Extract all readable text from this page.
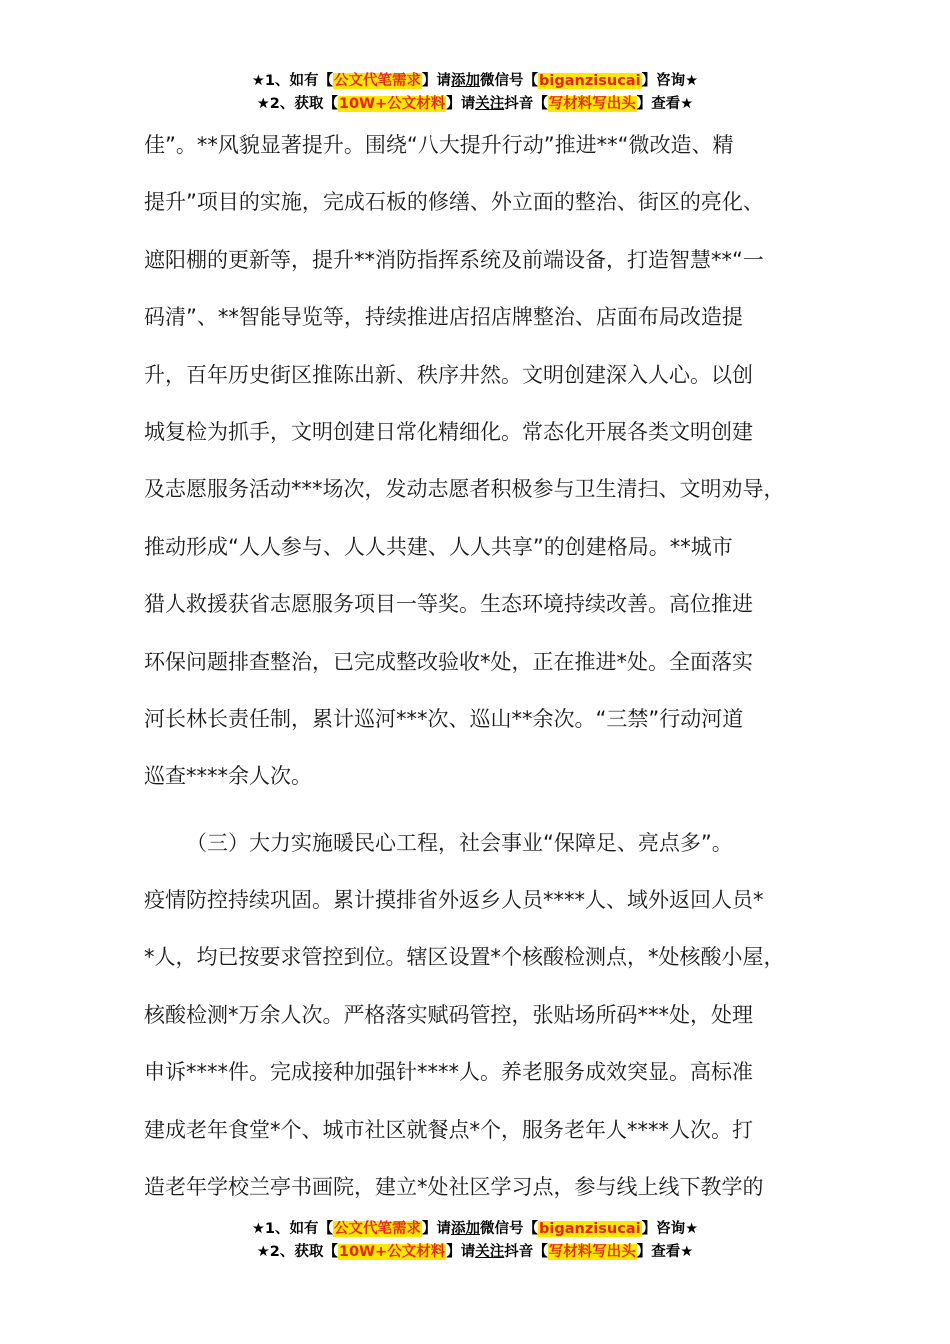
★1、如有【公文代笔需求】请添加微信号【biganzisucai】咨询★
★2、获取【10W+公文材料】请关注抖音【写材料写出头】查看★
佳”。**风貌显著提升。围绕“八大提升行动”推进**“微改造、精
提升”项目的实施，完成石板的修缮、外立面的整治、街区的亮化、
遮阳棚的更新等，提升**消防指挥系统及前端设备，打造智慧**“一
码清”、**智能导览等，持续推进店招店牌整治、店面布局改造提
升，百年历史街区推陈出新、秩序井然。文明创建深入人心。以创
城复检为抓手，文明创建日常化精细化。常态化开展各类文明创建
及志愿服务活动***场次，发动志愿者积极参与卫生清扫、文明劝导，
推动形成“人人参与、人人共建、人人共享”的创建格局。**城市
猎人救援获省志愿服务项目一等奖。生态环境持续改善。高位推进
环保问题排查整治，已完成整改验收*处，正在推进*处。全面落实
河长林长责任制，累计巡河***次、巡山**余次。“三禁”行动河道
巡查****余人次。
（三）大力实施暖民心工程，社会事业“保障足、亮点多”。
疫情防控持续巩固。累计摸排省外返乡人员****人、域外返回人员*
*人，均已按要求管控到位。辖区设置*个核酸检测点，*处核酸小屋，
核酸检测*万余人次。严格落实赋码管控，张贴场所码***处，处理
申诉****件。完成接种加强针****人。养老服务成效突显。高标准
建成老年食堂*个、城市社区就餐点*个，服务老年人****人次。打
造老年学校兰亭书画院，建立*处社区学习点，参与线上线下教学的
★1、如有【公文代笔需求】请添加微信号【biganzisucai】咨询★
★2、获取【10W+公文材料】请关注抖音【写材料写出头】查看★
